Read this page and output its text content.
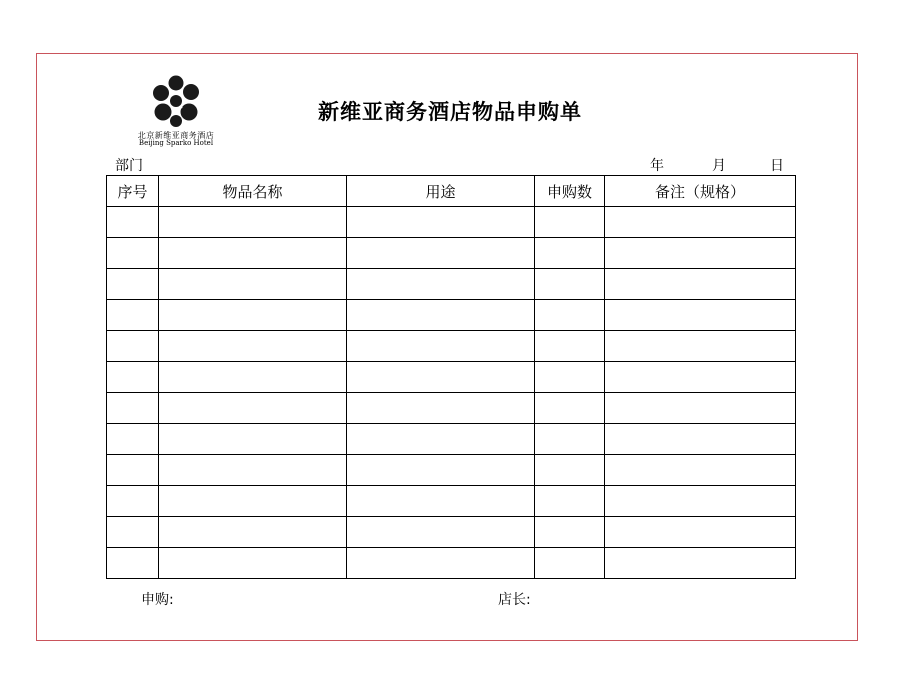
北京新维亚商务酒店
Beijing Sparko Hotel
新维亚商务酒店物品申购单
部门	年	月	日
序号	物品名称	用途	申购数	备注（规格）

申购:	店长:
